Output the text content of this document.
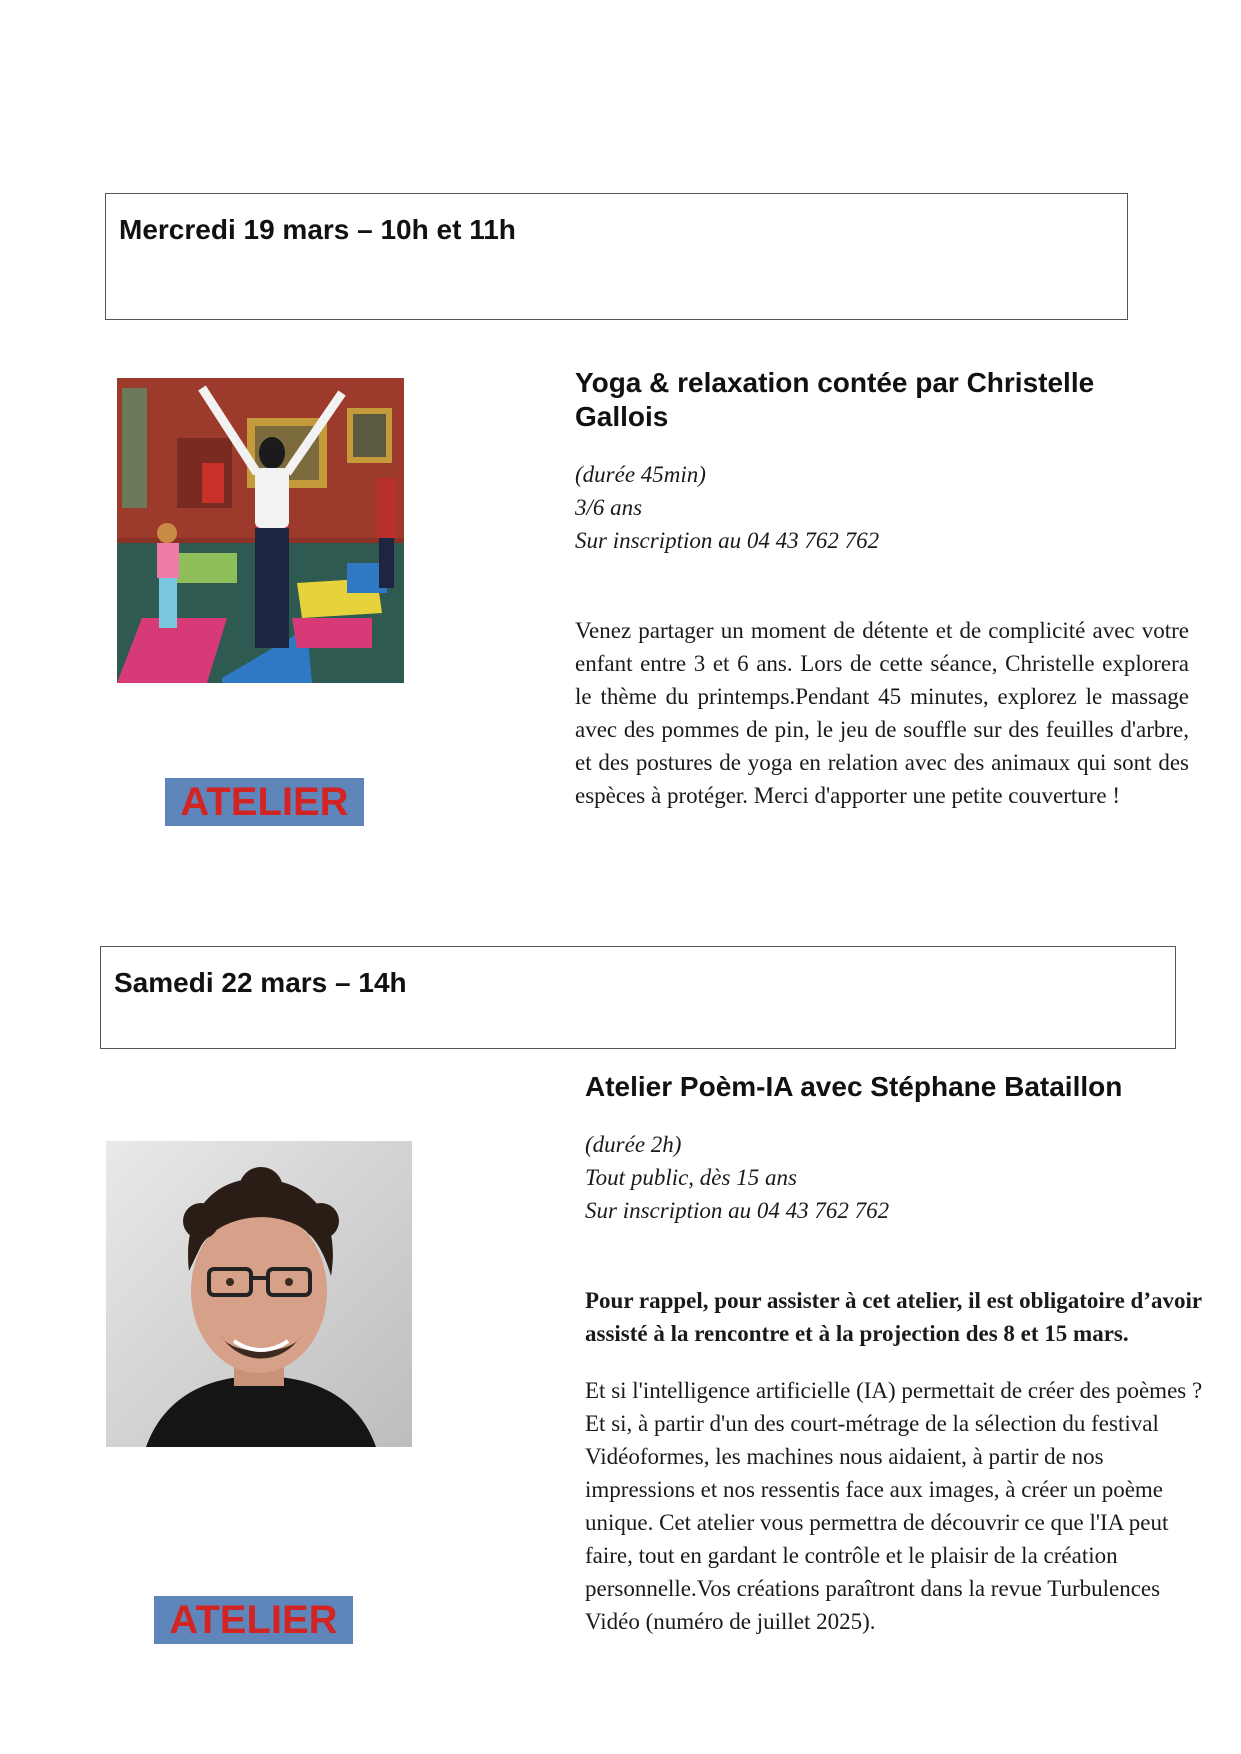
Mercredi 19 mars – 10h et 11h
ATELIER
Yoga & relaxation contée par Christelle Gallois
(durée 45min)
3/6 ans
Sur inscription au 04 43 762 762

Venez partager un moment de détente et de complicité avec votre enfant entre 3 et 6 ans. Lors de cette séance, Christelle explorera le thème du printemps.Pendant 45 minutes, explorez le massage avec des pommes de pin, le jeu de souffle sur des feuilles d'arbre, et des postures de yoga en relation avec des animaux qui sont des espèces à protéger. Merci d'apporter une petite couverture !

Samedi 22 mars – 14h
ATELIER
Atelier Poèm-IA avec Stéphane Bataillon
(durée 2h)
Tout public, dès 15 ans
Sur inscription au 04 43 762 762

Pour rappel, pour assister à cet atelier, il est obligatoire d’avoir assisté à la rencontre et à la projection des 8 et 15 mars.

Et si l'intelligence artificielle (IA) permettait de créer des poèmes ? Et si, à partir d'un des court-métrage de la sélection du festival Vidéoformes, les machines nous aidaient, à partir de nos impressions et nos ressentis face aux images, à créer un poème unique. Cet atelier vous permettra de découvrir ce que l'IA peut faire, tout en gardant le contrôle et le plaisir de la création personnelle.Vos créations paraîtront dans la revue Turbulences Vidéo (numéro de juillet 2025).
